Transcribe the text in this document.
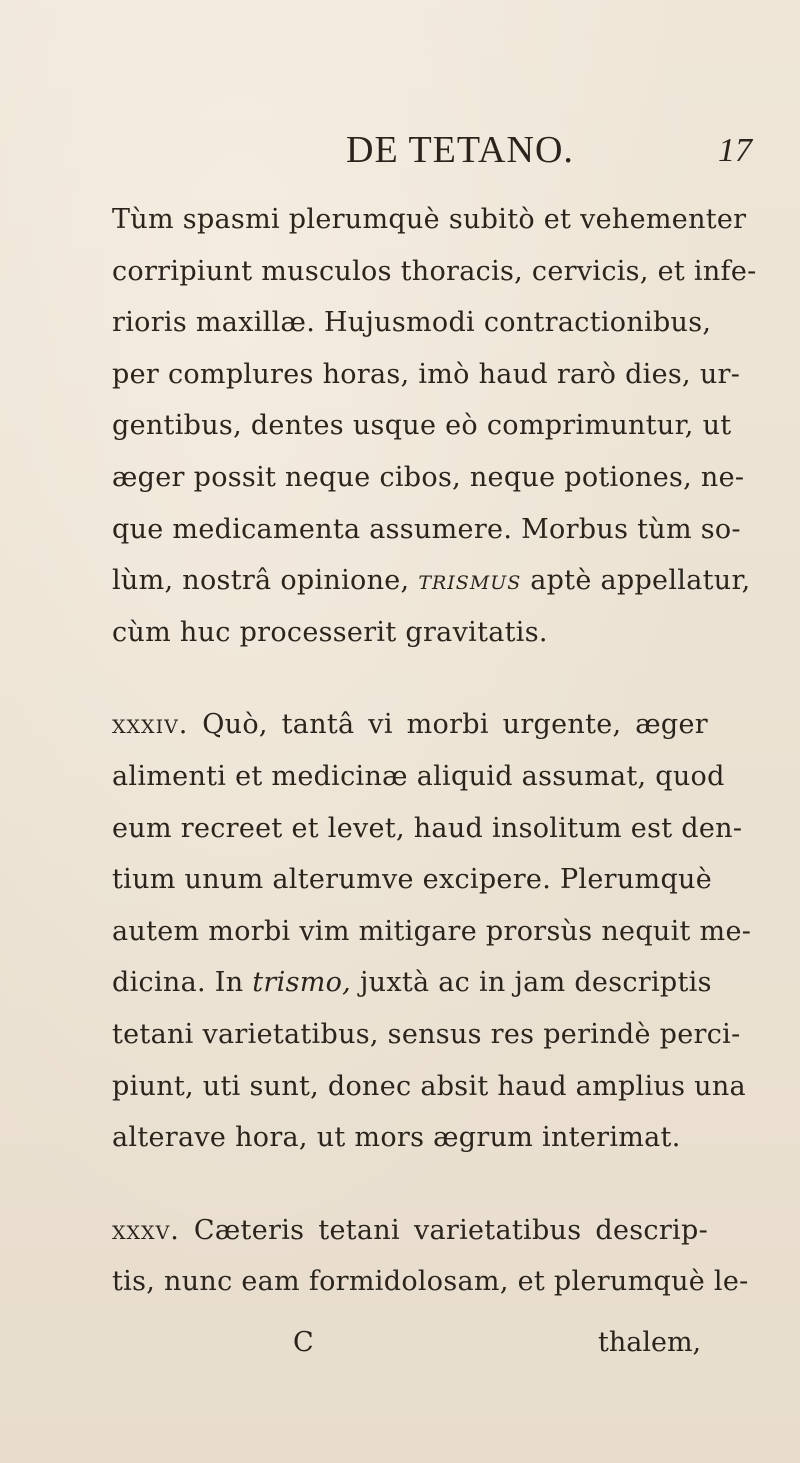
DE TETANO.	17

Tùm spasmi plerumquè subitò et vehementer
corripiunt musculos thoracis, cervicis, et infe-
rioris maxillæ. Hujusmodi contractionibus,
per complures horas, imò haud rarò dies, ur-
gentibus, dentes usque eò comprimuntur, ut
æger possit neque cibos, neque potiones, ne-
que medicamenta assumere. Morbus tùm so-
lùm, nostrâ opinione, trismus aptè appellatur,
cùm huc processerit gravitatis.

xxxiv. Quò, tantâ vi morbi urgente, æger
alimenti et medicinæ aliquid assumat, quod
eum recreet et levet, haud insolitum est den-
tium unum alterumve excipere. Plerumquè
autem morbi vim mitigare prorsùs nequit me-
dicina. In trismo, juxtà ac in jam descriptis
tetani varietatibus, sensus res perindè perci-
piunt, uti sunt, donec absit haud amplius una
alterave hora, ut mors ægrum interimat.

xxxv. Cæteris tetani varietatibus descrip-
tis, nunc eam formidolosam, et plerumquè le-

C	thalem,
